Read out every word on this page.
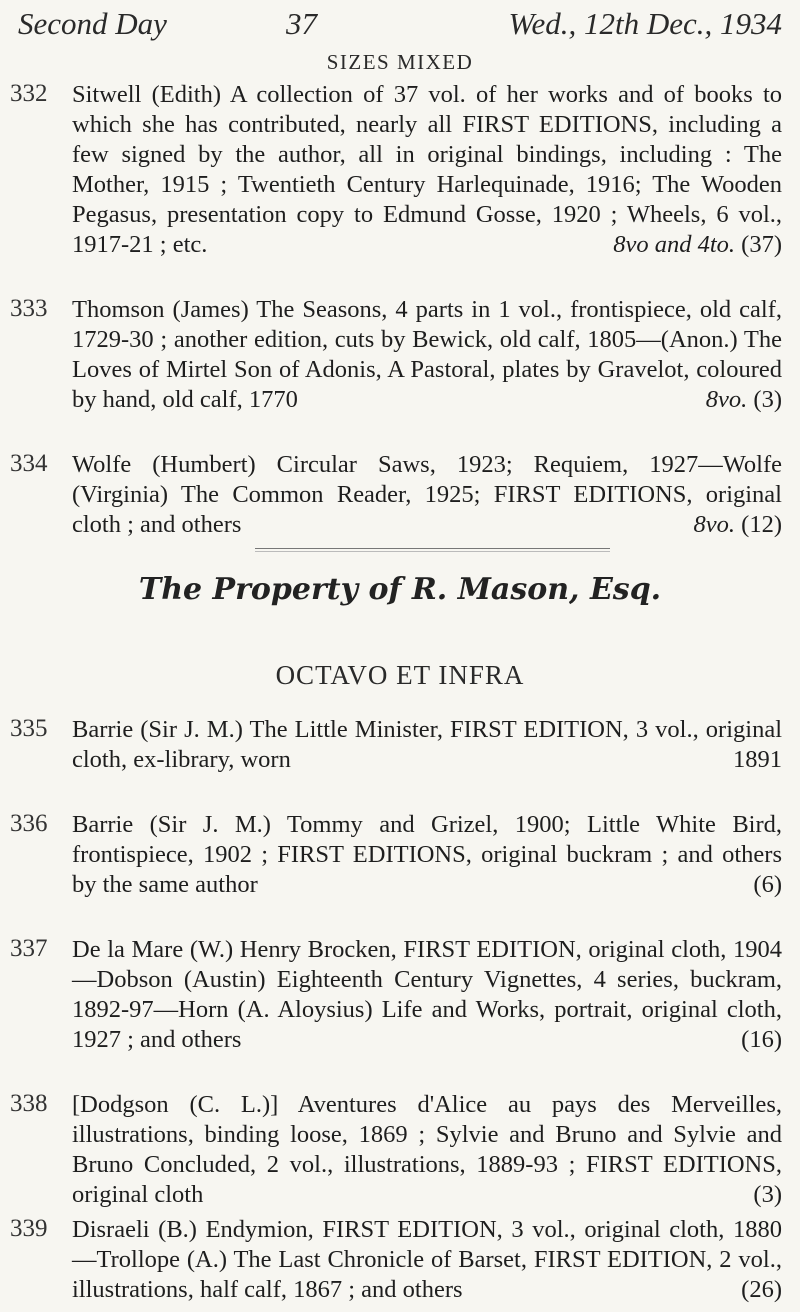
Second Day	37	Wed., 12th Dec., 1934
SIZES MIXED
332	Sitwell (Edith) A collection of 37 vol. of her works and of books to which she has contributed, nearly all FIRST EDITIONS, including a few signed by the author, all in original bindings, including : The Mother, 1915 ; Twentieth Century Harlequinade, 1916; The Wooden Pegasus, presentation copy to Edmund Gosse, 1920 ; Wheels, 6 vol., 1917-21 ; etc.	8vo and 4to. (37)
333	Thomson (James) The Seasons, 4 parts in 1 vol., frontispiece, old calf, 1729-30 ; another edition, cuts by Bewick, old calf, 1805—(Anon.) The Loves of Mirtel Son of Adonis, A Pastoral, plates by Gravelot, coloured by hand, old calf, 1770	8vo. (3)
334	Wolfe (Humbert) Circular Saws, 1923; Requiem, 1927—Wolfe (Virginia) The Common Reader, 1925; FIRST EDITIONS, original cloth ; and others	8vo. (12)
The Property of R. Mason, Esq.
OCTAVO ET INFRA
335	Barrie (Sir J. M.) The Little Minister, FIRST EDITION, 3 vol., original cloth, ex-library, worn	1891
336	Barrie (Sir J. M.) Tommy and Grizel, 1900; Little White Bird, frontispiece, 1902 ; FIRST EDITIONS, original buckram ; and others by the same author	(6)
337	De la Mare (W.) Henry Brocken, FIRST EDITION, original cloth, 1904—Dobson (Austin) Eighteenth Century Vignettes, 4 series, buckram, 1892-97—Horn (A. Aloysius) Life and Works, portrait, original cloth, 1927 ; and others	(16)
338	[Dodgson (C. L.)] Aventures d'Alice au pays des Merveilles, illustrations, binding loose, 1869 ; Sylvie and Bruno and Sylvie and Bruno Concluded, 2 vol., illustrations, 1889-93 ; FIRST EDITIONS, original cloth	(3)
339	Disraeli (B.) Endymion, FIRST EDITION, 3 vol., original cloth, 1880—Trollope (A.) The Last Chronicle of Barset, FIRST EDITION, 2 vol., illustrations, half calf, 1867 ; and others	(26)
